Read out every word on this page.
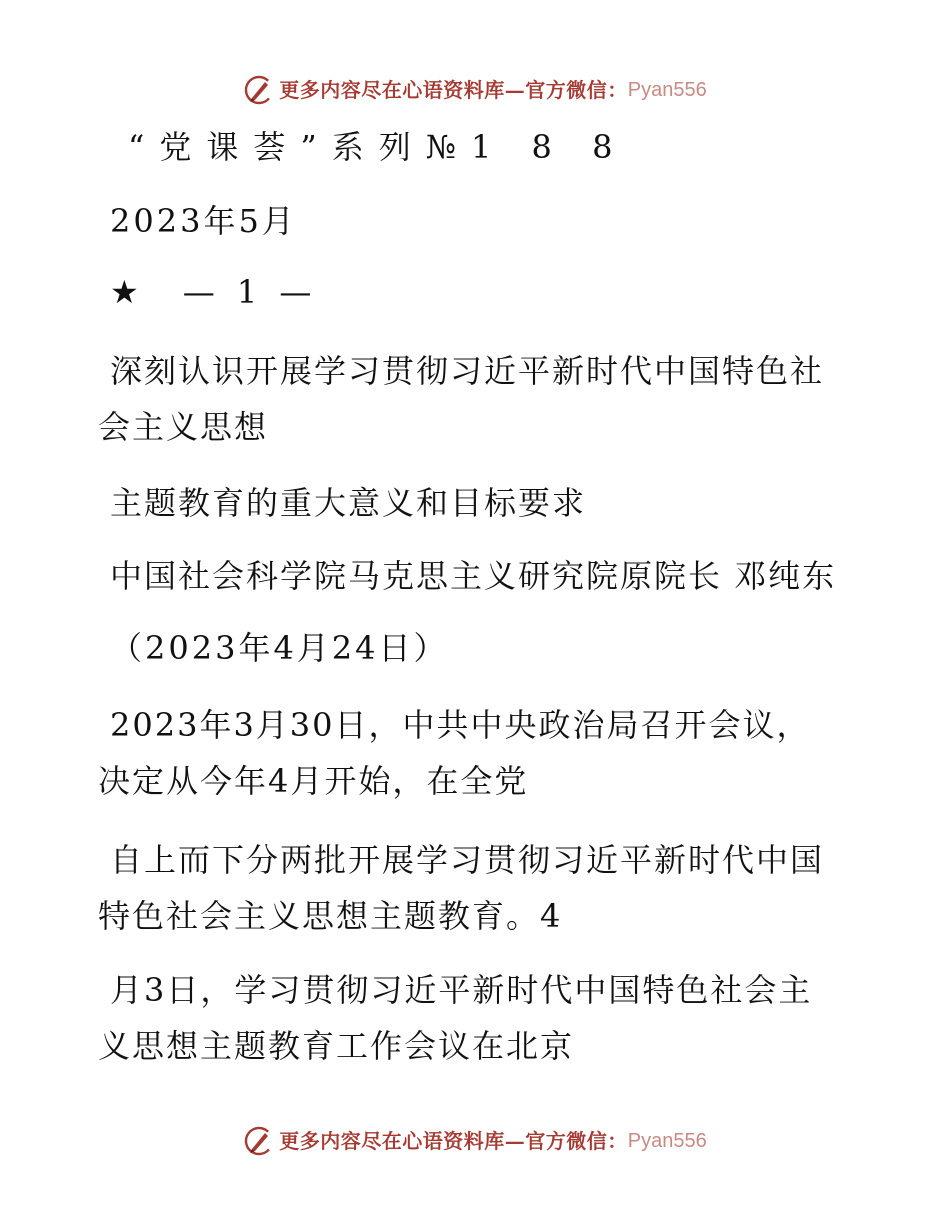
更多内容尽在心语资料库—官方微信： Pyan556
“党课荟”系列№1 8 8
2023年5月
★　— 1 —
深刻认识开展学习贯彻习近平新时代中国特色社会主义思想
主题教育的重大意义和目标要求
中国社会科学院马克思主义研究院原院长 邓纯东
（2023年4月24日）
2023年3月30日，中共中央政治局召开会议，决定从今年4月开始，在全党
自上而下分两批开展学习贯彻习近平新时代中国特色社会主义思想主题教育。4
月3日，学习贯彻习近平新时代中国特色社会主义思想主题教育工作会议在北京
更多内容尽在心语资料库—官方微信： Pyan556
